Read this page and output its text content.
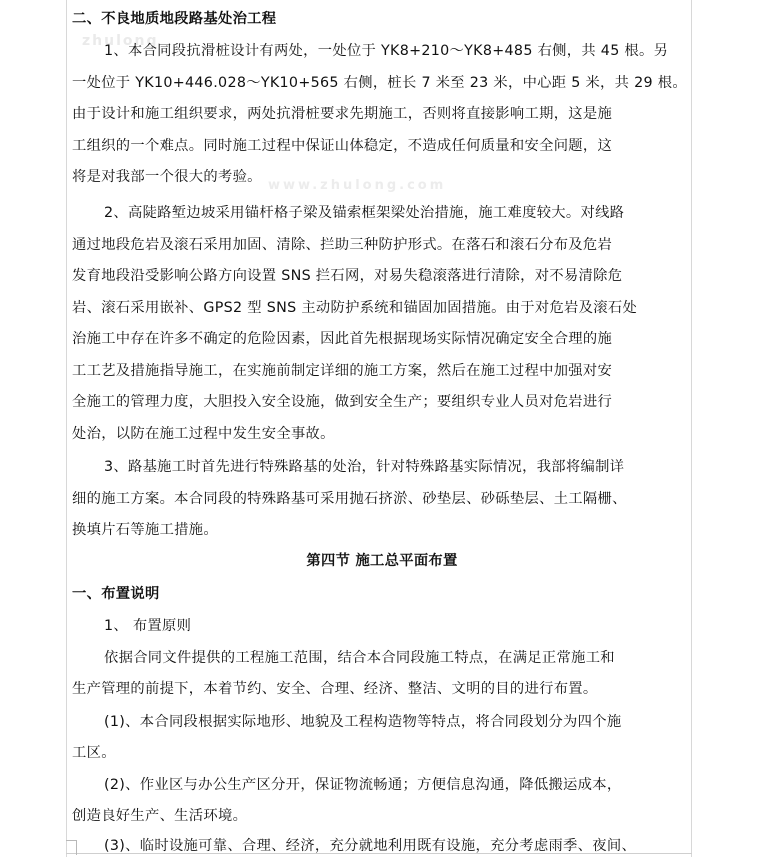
zhulong
www.zhulong.com
二、不良地质地段路基处治工程
1、本合同段抗滑桩设计有两处，一处位于 YK8+210～YK8+485 右侧，共 45 根。另
一处位于 YK10+446.028～YK10+565 右侧，桩长 7 米至 23 米，中心距 5 米，共 29 根。
由于设计和施工组织要求，两处抗滑桩要求先期施工，否则将直接影响工期，这是施
工组织的一个难点。同时施工过程中保证山体稳定，不造成任何质量和安全问题，这
将是对我部一个很大的考验。
2、高陡路堑边坡采用锚杆格子梁及锚索框架梁处治措施，施工难度较大。对线路
通过地段危岩及滚石采用加固、清除、拦助三种防护形式。在落石和滚石分布及危岩
发育地段沿受影响公路方向设置 SNS 拦石网，对易失稳滚落进行清除，对不易清除危
岩、滚石采用嵌补、GPS2 型 SNS 主动防护系统和锚固加固措施。由于对危岩及滚石处
治施工中存在许多不确定的危险因素，因此首先根据现场实际情况确定安全合理的施
工工艺及措施指导施工，在实施前制定详细的施工方案，然后在施工过程中加强对安
全施工的管理力度，大胆投入安全设施，做到安全生产；要组织专业人员对危岩进行
处治，以防在施工过程中发生安全事故。
3、路基施工时首先进行特殊路基的处治，针对特殊路基实际情况，我部将编制详
细的施工方案。本合同段的特殊路基可采用抛石挤淤、砂垫层、砂砾垫层、土工隔栅、
换填片石等施工措施。
第四节 施工总平面布置
一、布置说明
1、 布置原则
依据合同文件提供的工程施工范围，结合本合同段施工特点，在满足正常施工和
生产管理的前提下，本着节约、安全、合理、经济、整洁、文明的目的进行布置。
(1)、本合同段根据实际地形、地貌及工程构造物等特点，将合同段划分为四个施
工区。
(2)、作业区与办公生产区分开，保证物流畅通；方便信息沟通，降低搬运成本，
创造良好生产、生活环境。
(3)、临时设施可靠、合理、经济，充分就地利用既有设施，充分考虑雨季、夜间、
